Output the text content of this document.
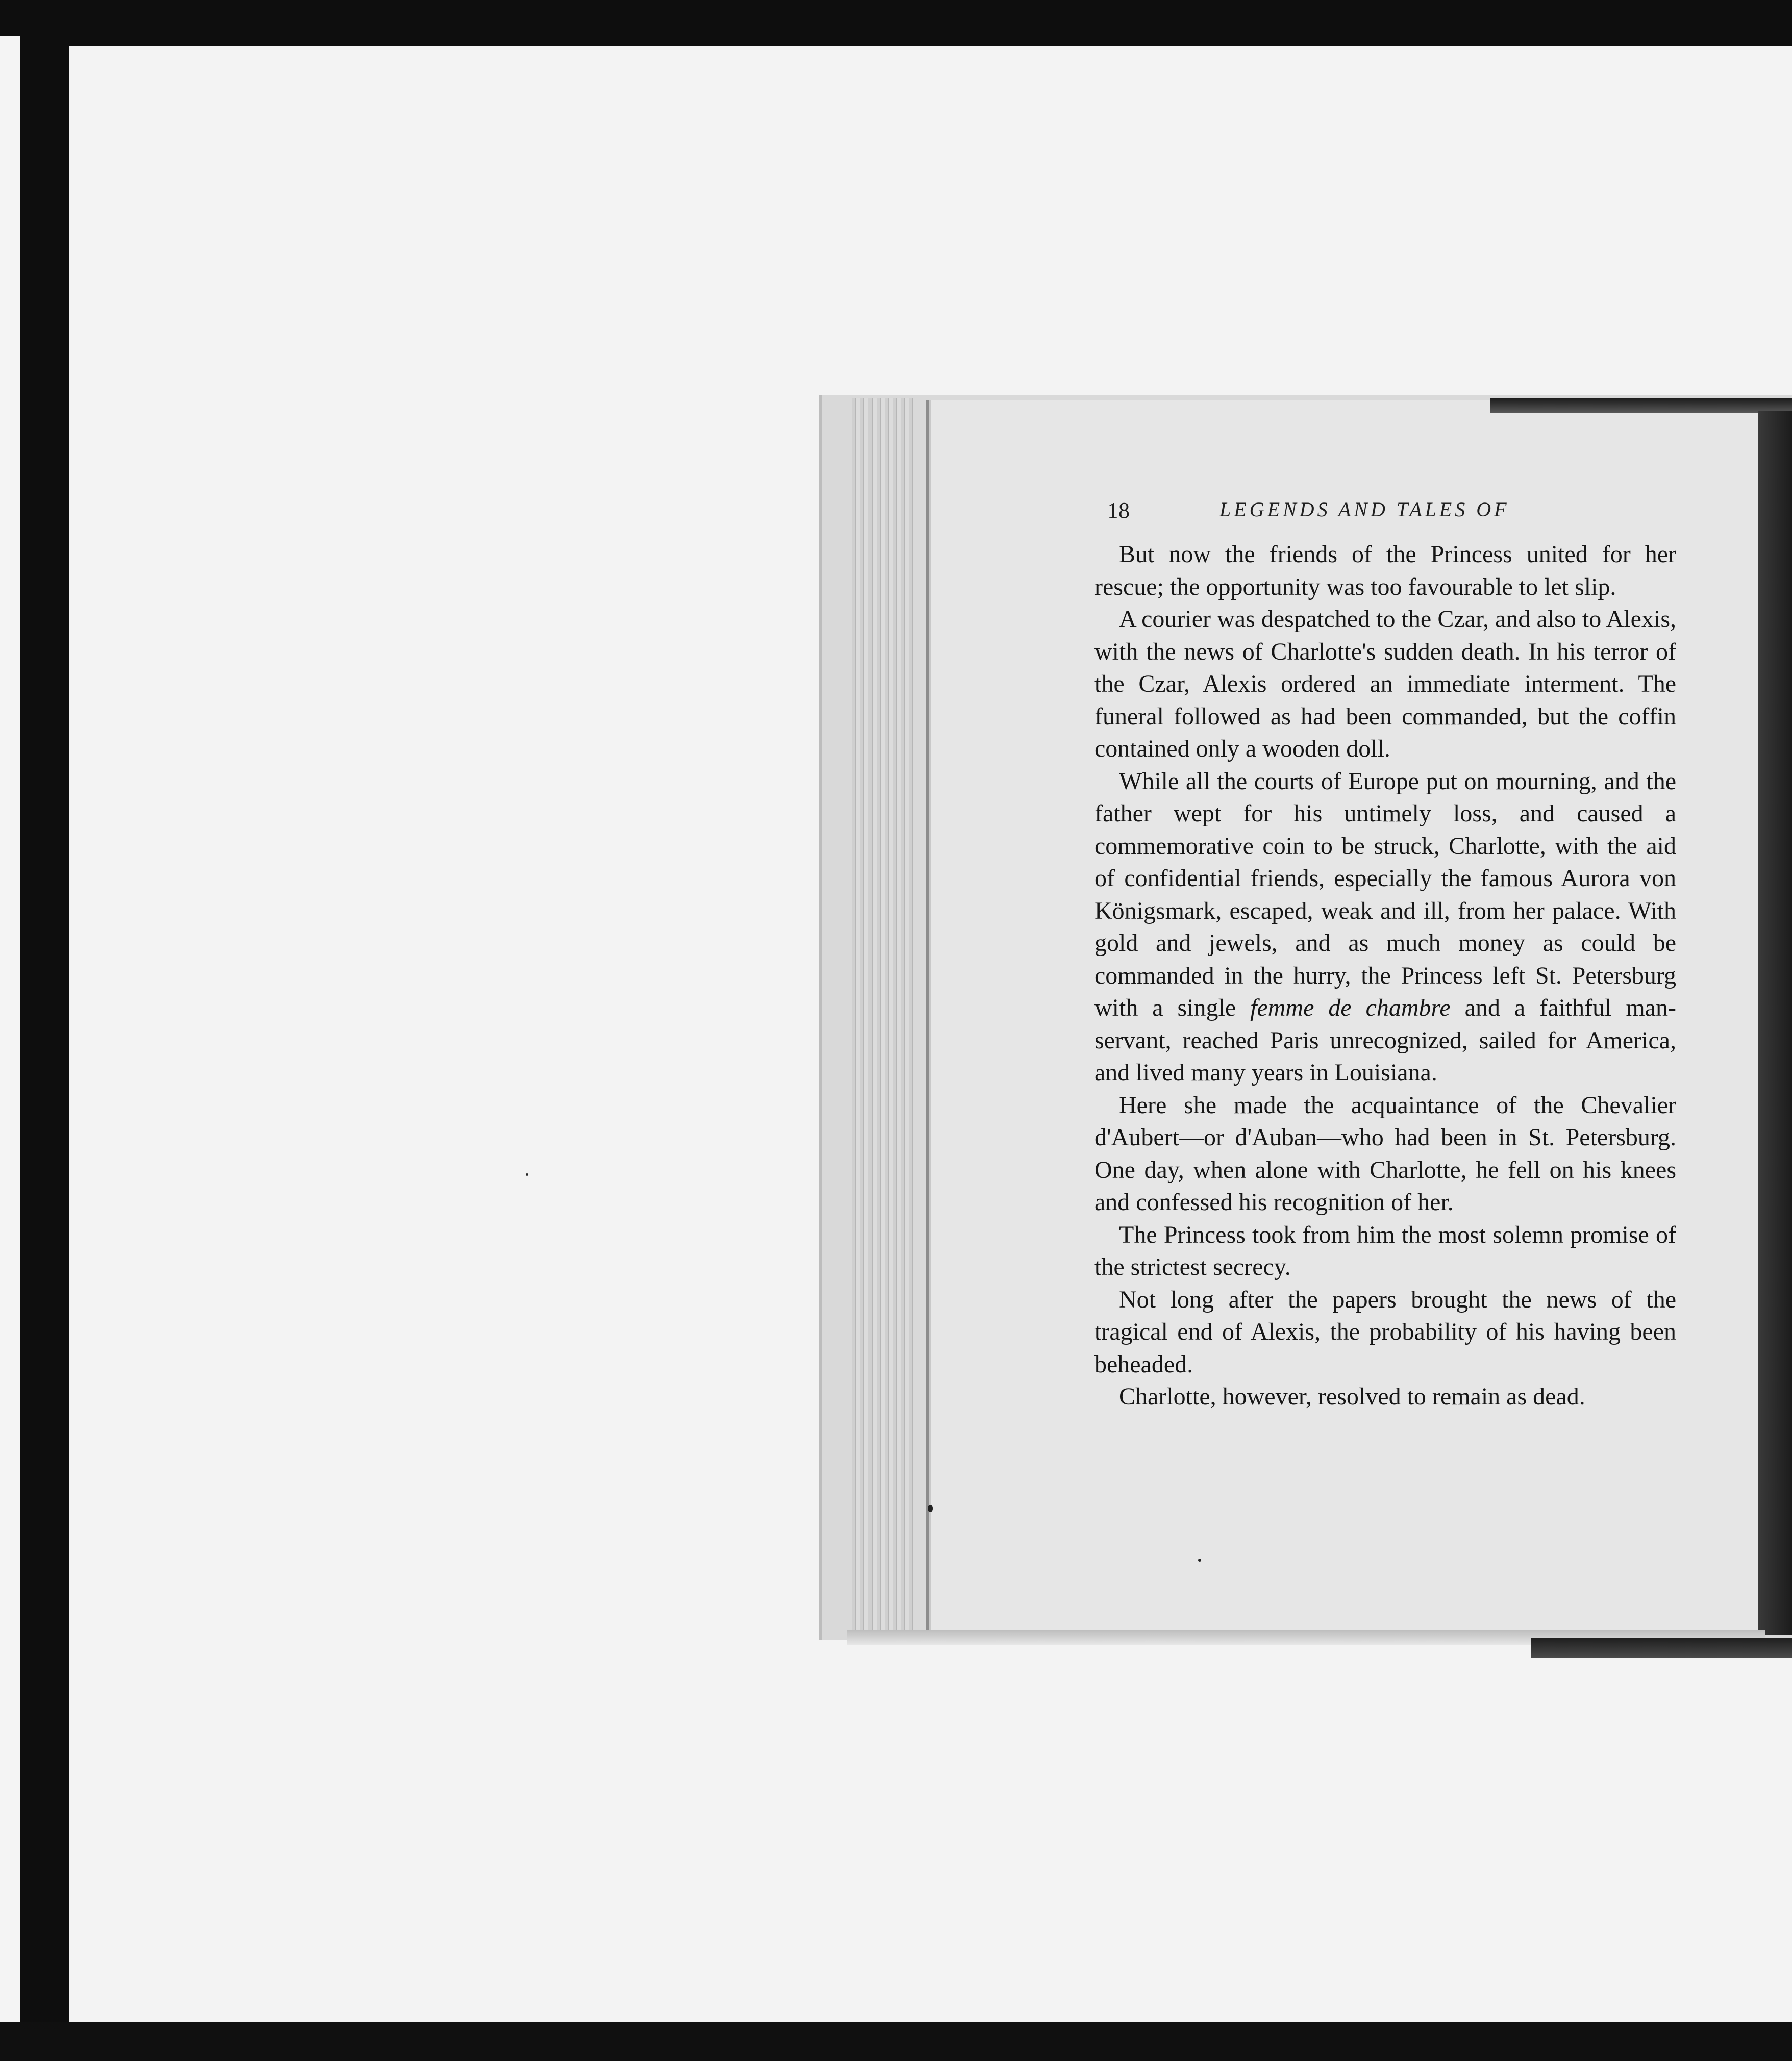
18	LEGENDS AND TALES OF

But now the friends of the Princess united for her rescue; the opportunity was too favourable to let slip.

A courier was despatched to the Czar, and also to Alexis, with the news of Charlotte's sudden death. In his terror of the Czar, Alexis ordered an immediate interment. The funeral followed as had been commanded, but the coffin contained only a wooden doll.

While all the courts of Europe put on mourning, and the father wept for his untimely loss, and caused a commemorative coin to be struck, Charlotte, with the aid of confidential friends, especially the famous Aurora von Königsmark, escaped, weak and ill, from her palace. With gold and jewels, and as much money as could be commanded in the hurry, the Princess left St. Petersburg with a single femme de chambre and a faithful man-servant, reached Paris unrecognized, sailed for America, and lived many years in Louisiana.

Here she made the acquaintance of the Chevalier d'Aubert—or d'Auban—who had been in St. Petersburg. One day, when alone with Charlotte, he fell on his knees and confessed his recognition of her.

The Princess took from him the most solemn promise of the strictest secrecy.

Not long after the papers brought the news of the tragical end of Alexis, the probability of his having been beheaded.

Charlotte, however, resolved to remain as dead.
